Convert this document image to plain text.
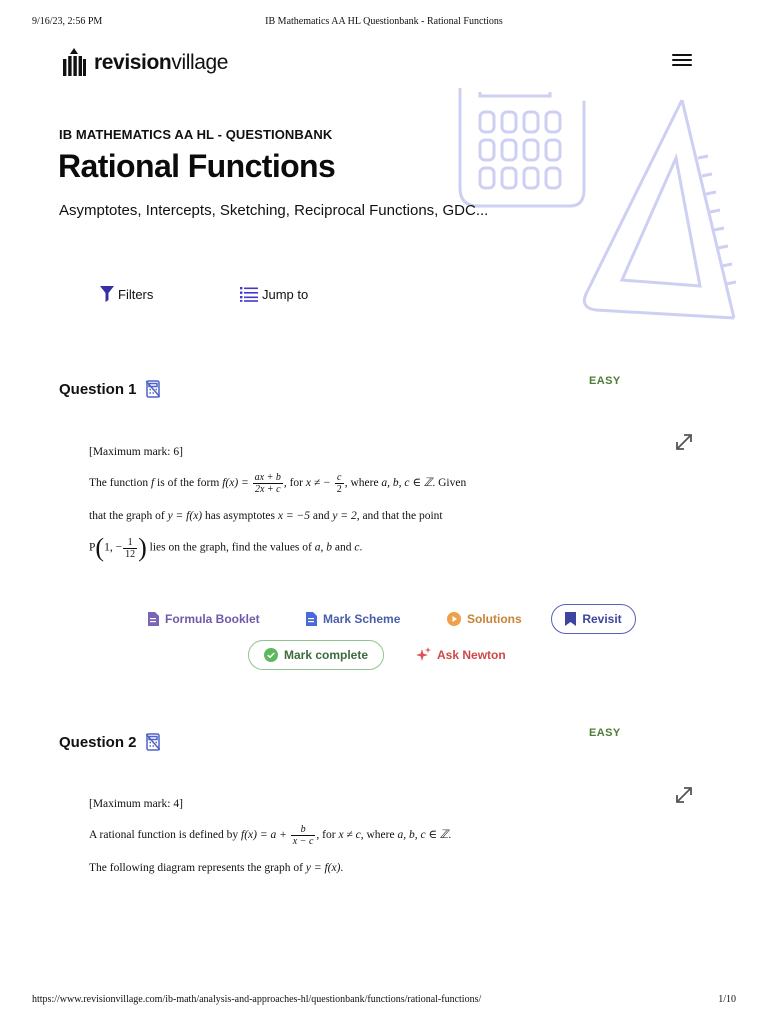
9/16/23, 2:56 PM	IB Mathematics AA HL Questionbank - Rational Functions
revisionvillage
IB MATHEMATICS AA HL - QUESTIONBANK
Rational Functions
Asymptotes, Intercepts, Sketching, Reciprocal Functions, GDC...
Filters	Jump to
Question 1	EASY
[Maximum mark: 6]
The function f is of the form $f(x) = \frac{ax + b}{2x + c}$ , for x ≠ − $\frac{c}{2}$ , where a, b, c ∈ ℤ. Given
that the graph of y = f(x) has asymptotes x = −5 and y = 2, and that the point
P(1, − $\frac{1}{12}$ ) lies on the graph, find the values of a, b and c.
Formula Booklet	Mark Scheme	Solutions	Revisit
Mark complete	Ask Newton
Question 2
EASY
[Maximum mark: 4]
A rational function is defined by $f(x) = a + \frac{b}{x - c}$ , for x ≠ c, where a, b, c ∈ ℤ.
The following diagram represents the graph of y = f(x).
https://www.revisionvillage.com/ib-math/analysis-and-approaches-hl/questionbank/functions/rational-functions/	1/10
